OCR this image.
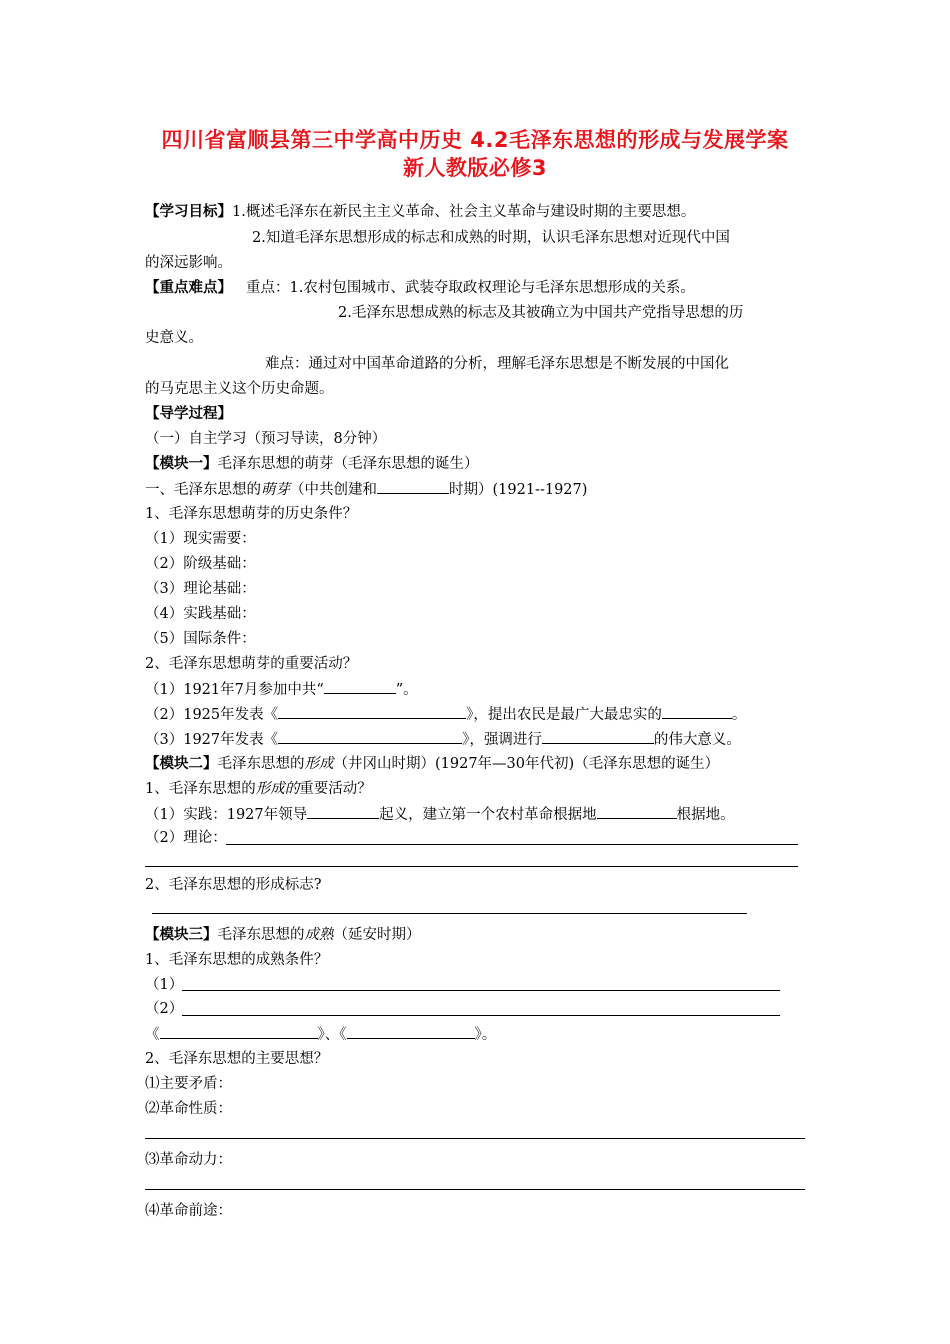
四川省富顺县第三中学高中历史 4.2毛泽东思想的形成与发展学案
新人教版必修3
【学习目标】1.概述毛泽东在新民主主义革命、社会主义革命与建设时期的主要思想。
2.知道毛泽东思想形成的标志和成熟的时期，认识毛泽东思想对近现代中国
的深远影响。
【重点难点】 重点：1.农村包围城市、武装夺取政权理论与毛泽东思想形成的关系。
2.毛泽东思想成熟的标志及其被确立为中国共产党指导思想的历
史意义。
难点：通过对中国革命道路的分析，理解毛泽东思想是不断发展的中国化
的马克思主义这个历史命题。
【导学过程】
（一）自主学习（预习导读，8分钟）
【模块一】毛泽东思想的萌芽（毛泽东思想的诞生）
一、毛泽东思想的萌芽（中共创建和	时期）(1921--1927)
1、毛泽东思想萌芽的历史条件？
（1）现实需要：
（2）阶级基础：
（3）理论基础：
（4）实践基础：
（5）国际条件：
2、毛泽东思想萌芽的重要活动？
（1）1921年7月参加中共“	”。
（2）1925年发表《	》，提出农民是最广大最忠实的	。
（3）1927年发表《	》，强调进行	的伟大意义。
【模块二】毛泽东思想的形成（井冈山时期）(1927年—30年代初)（毛泽东思想的诞生）
1、毛泽东思想的形成的重要活动？
（1）实践：1927年领导	起义，建立第一个农村革命根据地	根据地。
（2）理论：
2、毛泽东思想的形成标志?
【模块三】毛泽东思想的成熟（延安时期）
1、毛泽东思想的成熟条件？
（1）
（2）
《	》、《	》。
2、毛泽东思想的主要思想？
⑴主要矛盾：
⑵革命性质：
⑶革命动力：
⑷革命前途：
